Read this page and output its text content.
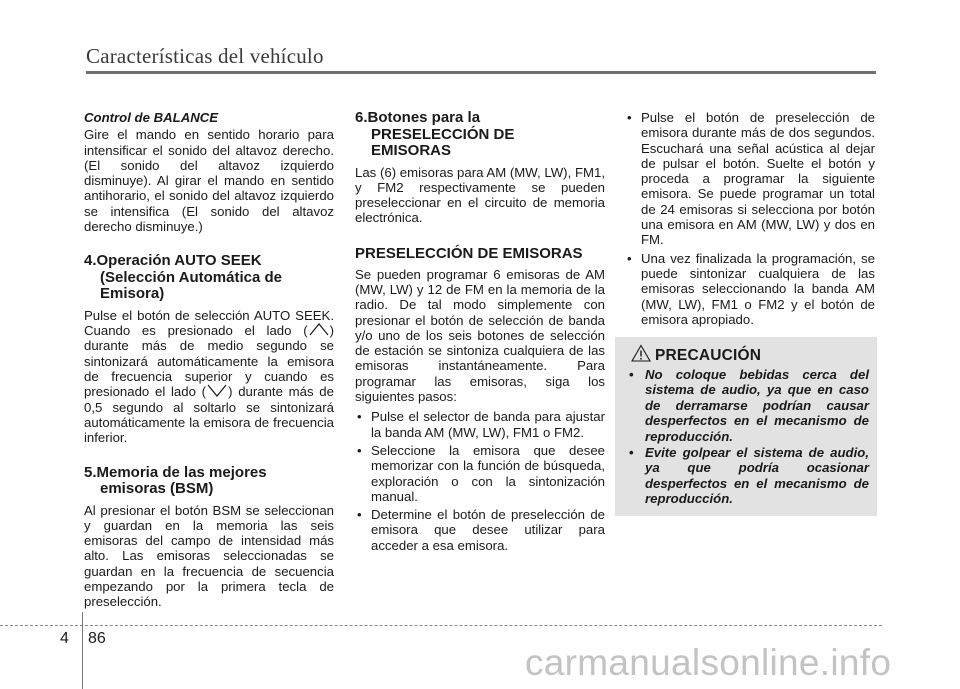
Características del vehículo

Control de BALANCE

Gire el mando en sentido horario para intensificar el sonido del altavoz derecho. (El sonido del altavoz izquierdo disminuye). Al girar el mando en sentido antihorario, el sonido del altavoz izquierdo se intensifica (El sonido del altavoz derecho disminuye.)

4.Operación AUTO SEEK
(Selección Automática de
Emisora)

Pulse el botón de selección AUTO SEEK. Cuando es presionado el lado ( ) durante más de medio segundo se sintonizará automáticamente la emisora de frecuencia superior y cuando es presionado el lado ( ) durante más de 0,5 segundo al soltarlo se sintonizará automáticamente la emisora de frecuencia inferior.

5.Memoria de las mejores
emisoras (BSM)

Al presionar el botón BSM se seleccionan y guardan en la memoria las seis emisoras del campo de intensidad más alto. Las emisoras seleccionadas se guardan en la frecuencia de secuencia empezando por la primera tecla de preselección.

6.Botones para la
PRESELECCIÓN DE
EMISORAS

Las (6) emisoras para AM (MW, LW), FM1, y FM2 respectivamente se pueden preseleccionar en el circuito de memoria electrónica.

PRESELECCIÓN DE EMISORAS

Se pueden programar 6 emisoras de AM (MW, LW) y 12 de FM en la memoria de la radio. De tal modo simplemente con presionar el botón de selección de banda y/o uno de los seis botones de selección de estación se sintoniza cualquiera de las emisoras instantáneamente. Para programar las emisoras, siga los siguientes pasos:

• Pulse el selector de banda para ajustar la banda AM (MW, LW), FM1 o FM2.
• Seleccione la emisora que desee memorizar con la función de búsqueda, exploración o con la sintonización manual.
• Determine el botón de preselección de emisora que desee utilizar para acceder a esa emisora.
• Pulse el botón de preselección de emisora durante más de dos segundos. Escuchará una señal acústica al dejar de pulsar el botón. Suelte el botón y proceda a programar la siguiente emisora. Se puede programar un total de 24 emisoras si selecciona por botón una emisora en AM (MW, LW) y dos en FM.
• Una vez finalizada la programación, se puede sintonizar cualquiera de las emisoras seleccionando la banda AM (MW, LW), FM1 o FM2 y el botón de emisora apropiado.
PRECAUCIÓN
• No coloque bebidas cerca del sistema de audio, ya que en caso de derramarse podrían causar desperfectos en el mecanismo de reproducción.
• Evite golpear el sistema de audio, ya que podría ocasionar desperfectos en el mecanismo de reproducción.
4 86
carmanualsonline.info
